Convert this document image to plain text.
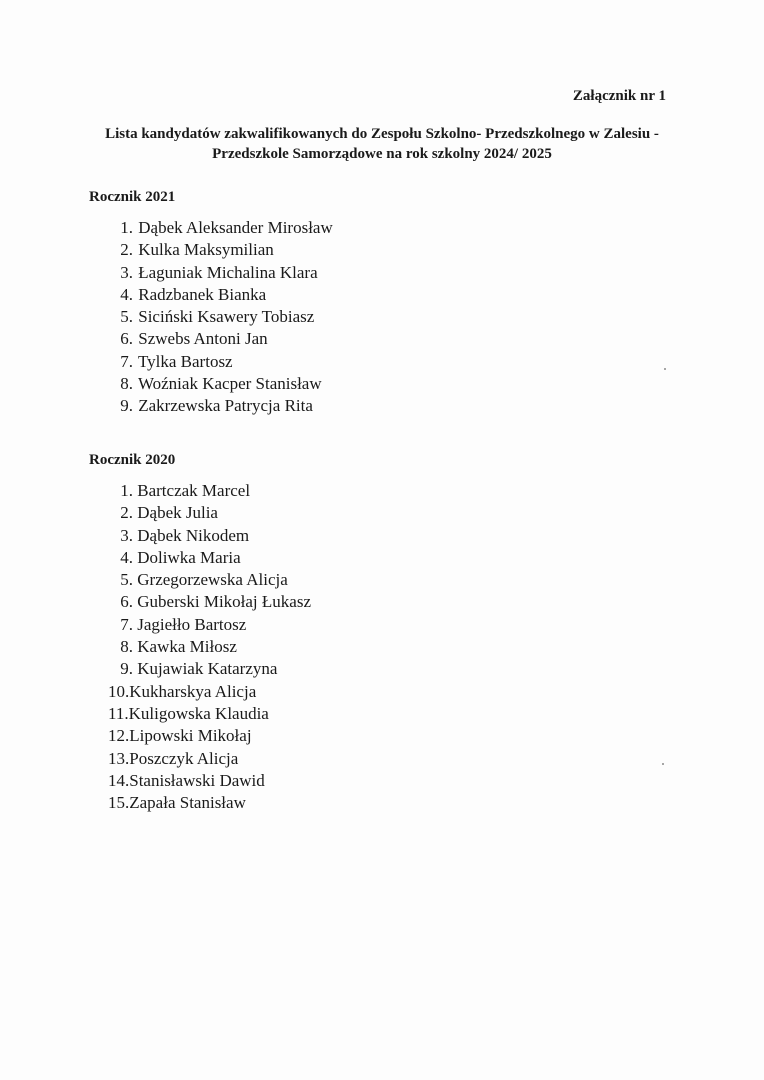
Załącznik nr 1
Lista kandydatów zakwalifikowanych do Zespołu Szkolno- Przedszkolnego w Zalesiu -
Przedszkole Samorządowe na rok szkolny 2024/ 2025
Rocznik 2021
1. Dąbek Aleksander Mirosław
2. Kulka Maksymilian
3. Łaguniak Michalina Klara
4. Radzbanek Bianka
5. Siciński Ksawery Tobiasz
6. Szwebs Antoni Jan
7. Tylka Bartosz
8. Woźniak Kacper Stanisław
9. Zakrzewska Patrycja Rita
Rocznik 2020
1. Bartczak Marcel
2. Dąbek Julia
3. Dąbek Nikodem
4. Doliwka Maria
5. Grzegorzewska Alicja
6. Guberski Mikołaj Łukasz
7. Jagiełło Bartosz
8. Kawka Miłosz
9. Kujawiak Katarzyna
10.Kukharskya Alicja
11.Kuligowska Klaudia
12.Lipowski Mikołaj
13.Poszczyk Alicja
14.Stanisławski Dawid
15.Zapała Stanisław
